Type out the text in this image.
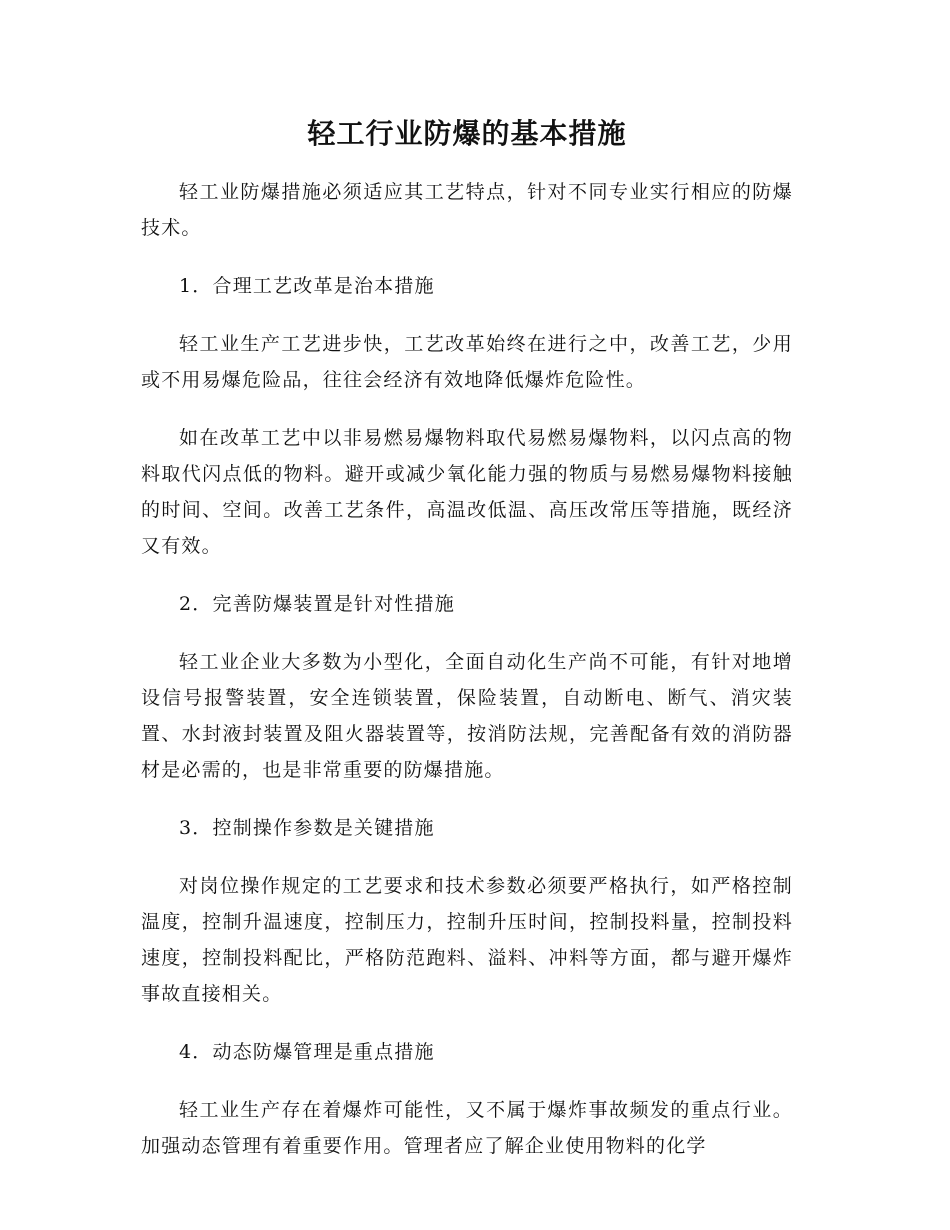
轻工行业防爆的基本措施

轻工业防爆措施必须适应其工艺特点，针对不同专业实行相应的防爆技术。

1．合理工艺改革是治本措施

轻工业生产工艺进步快，工艺改革始终在进行之中，改善工艺，少用或不用易爆危险品，往往会经济有效地降低爆炸危险性。

如在改革工艺中以非易燃易爆物料取代易燃易爆物料，以闪点高的物料取代闪点低的物料。避开或减少氧化能力强的物质与易燃易爆物料接触的时间、空间。改善工艺条件，高温改低温、高压改常压等措施，既经济又有效。

2．完善防爆装置是针对性措施

轻工业企业大多数为小型化，全面自动化生产尚不可能，有针对地增设信号报警装置，安全连锁装置，保险装置，自动断电、断气、消灾装置、水封液封装置及阻火器装置等，按消防法规，完善配备有效的消防器材是必需的，也是非常重要的防爆措施。

3．控制操作参数是关键措施

对岗位操作规定的工艺要求和技术参数必须要严格执行，如严格控制温度，控制升温速度，控制压力，控制升压时间，控制投料量，控制投料速度，控制投料配比，严格防范跑料、溢料、冲料等方面，都与避开爆炸事故直接相关。

4．动态防爆管理是重点措施

轻工业生产存在着爆炸可能性，又不属于爆炸事故频发的重点行业。加强动态管理有着重要作用。管理者应了解企业使用物料的化学
